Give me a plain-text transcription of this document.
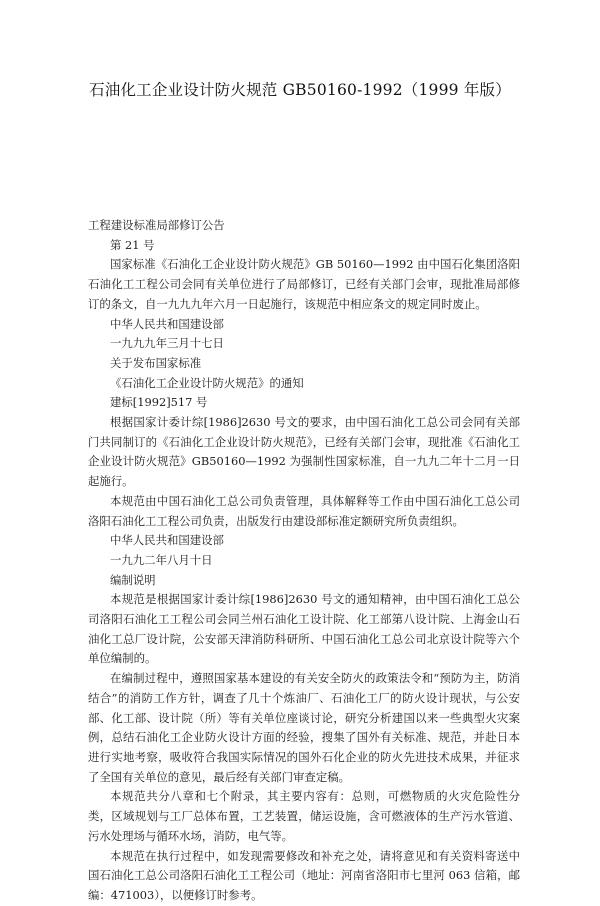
石油化工企业设计防火规范 GB50160-1992（1999 年版）

工程建设标准局部修订公告

第 21 号

国家标准《石油化工企业设计防火规范》GB 50160—1992 由中国石化集团洛阳石油化工工程公司会同有关单位进行了局部修订，已经有关部门会审，现批准局部修订的条文，自一九九九年六月一日起施行，该规范中相应条文的规定同时废止。

中华人民共和国建设部

一九九九年三月十七日

关于发布国家标准

《石油化工企业设计防火规范》的通知

建标[1992]517 号

根据国家计委计综[1986]2630 号文的要求，由中国石油化工总公司会同有关部门共同制订的《石油化工企业设计防火规范》，已经有关部门会审，现批准《石油化工企业设计防火规范》GB50160—1992 为强制性国家标准，自一九九二年十二月一日起施行。

本规范由中国石油化工总公司负责管理，具体解释等工作由中国石油化工总公司洛阳石油化工工程公司负责，出版发行由建设部标准定额研究所负责组织。

中华人民共和国建设部

一九九二年八月十日

编制说明

本规范是根据国家计委计综[1986]2630 号文的通知精神，由中国石油化工总公司洛阳石油化工工程公司会同兰州石油化工设计院、化工部第八设计院、上海金山石油化工总厂设计院，公安部天津消防科研所、中国石油化工总公司北京设计院等六个单位编制的。

在编制过程中，遵照国家基本建设的有关安全防火的政策法令和“预防为主，防消结合”的消防工作方针，调查了几十个炼油厂、石油化工厂的防火设计现状，与公安部、化工部、设计院（所）等有关单位座谈讨论，研究分析建国以来一些典型火灾案例，总结石油化工企业防火设计方面的经验，搜集了国外有关标准、规范，并赴日本进行实地考察，吸收符合我国实际情况的国外石化企业的防火先进技术成果，并征求了全国有关单位的意见，最后经有关部门审查定稿。

本规范共分八章和七个附录，其主要内容有：总则，可燃物质的火灾危险性分类，区域规划与工厂总体布置，工艺装置，储运设施，含可燃液体的生产污水管道、污水处理场与循环水场，消防，电气等。

本规范在执行过程中，如发现需要修改和补充之处，请将意见和有关资料寄送中国石油化工总公司洛阳石油化工工程公司（地址：河南省洛阳市七里河 063 信箱，邮编：471003），以便修订时参考。
